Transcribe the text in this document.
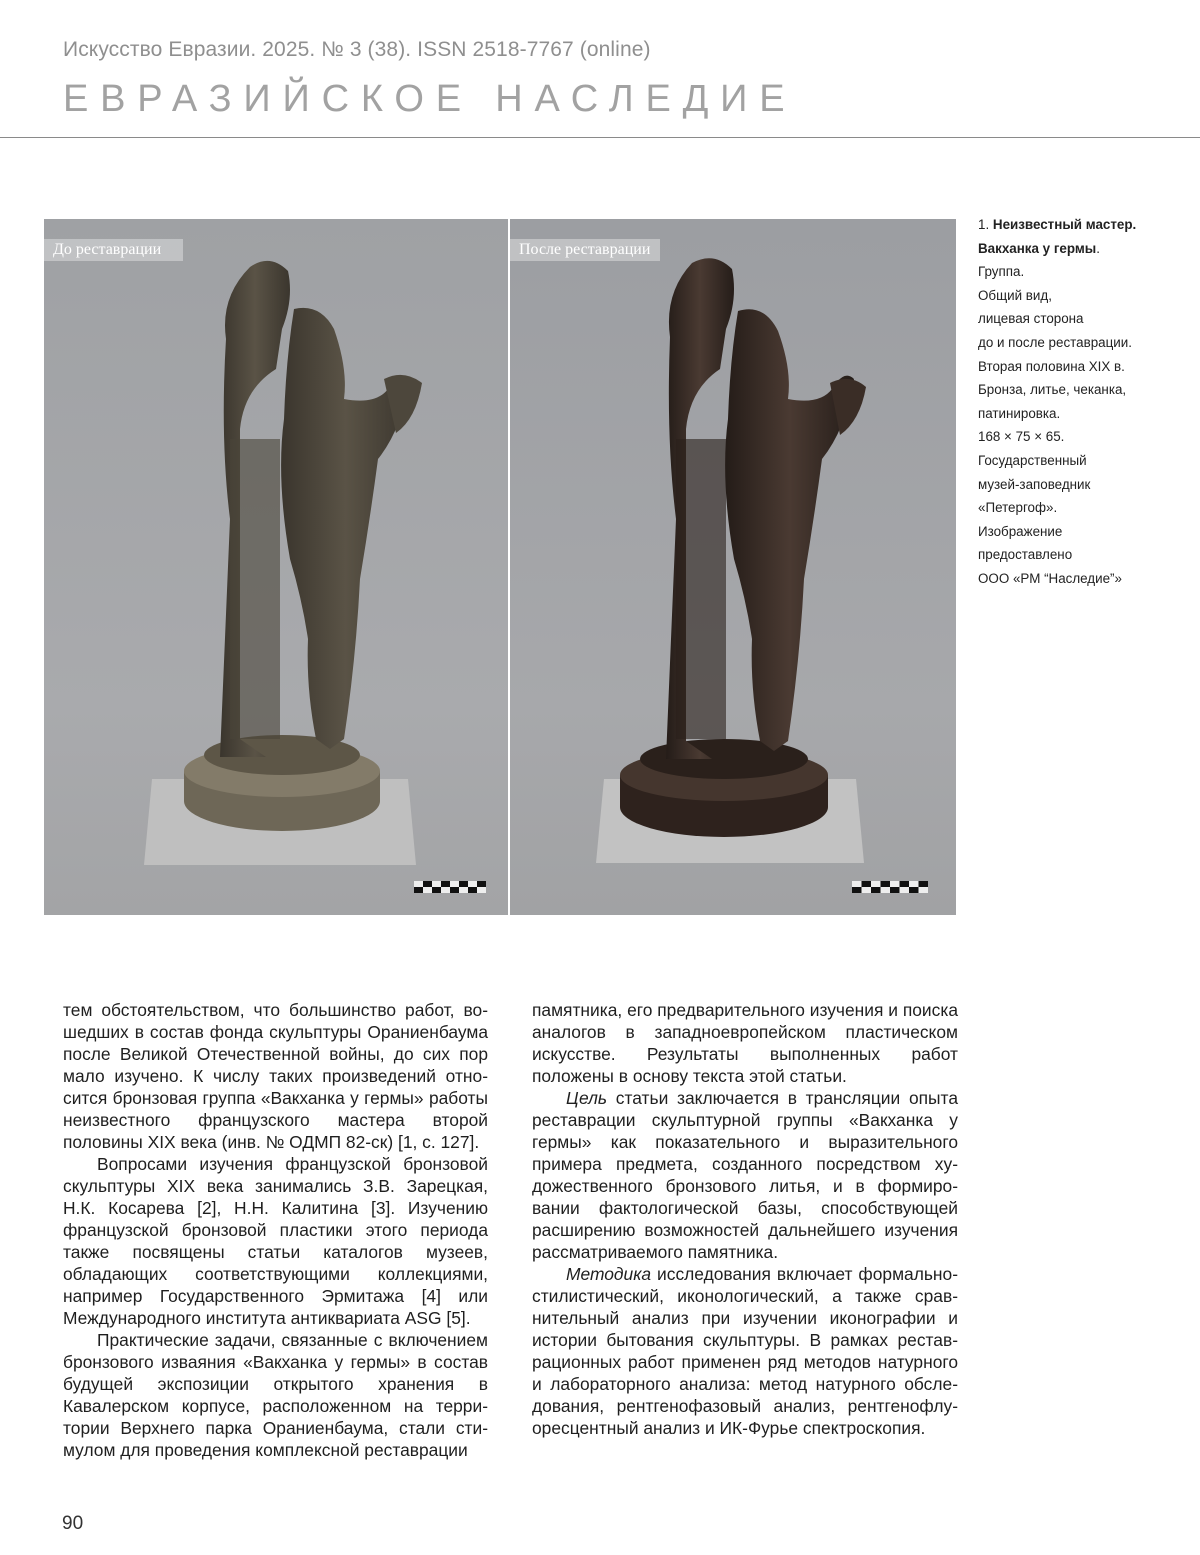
Искусство Евразии. 2025. № 3 (38). ISSN 2518-7767 (online)
ЕВРАЗИЙСКОЕ НАСЛЕДИЕ
До реставрации	После реставрации

1. Неизвестный мастер.

Вакханка у гермы.

Группа.

Общий вид,

лицевая сторона

до и после реставрации.

Вторая половина XIX в.

Бронза, литье, чеканка,

патинировка.

168 × 75 × 65.

Государственный

музей-заповедник

«Петергоф».

Изображение

предоставлено

ООО «РМ “Наследие”»

тем обстоятельством, что большинство работ, вошедших в состав фонда скульптуры Ораниенбаума после Великой Отечественной войны, до сих пор мало изучено. К числу таких произведений относится бронзовая группа «Вакханка у гермы» работы неизвестного французского мастера второй половины XIX века (инв. № ОДМП 82-ск) [1, с. 127].

Вопросами изучения французской бронзовой скульптуры XIX века занимались З.В. Зарецкая, Н.К. Косарева [2], Н.Н. Калитина [3]. Изучению французской бронзовой пластики этого периода также посвящены статьи каталогов музеев, обладающих соответствующими коллекциями, например Государственного Эрмитажа [4] или Международного института антиквариата ASG [5].

Практические задачи, связанные с включением бронзового изваяния «Вакханка у гермы» в состав будущей экспозиции открытого хранения в Кавалерском корпусе, расположенном на территории Верхнего парка Ораниенбаума, стали стимулом для проведения комплексной реставрации

памятника, его предварительного изучения и поиска аналогов в западноевропейском пластическом искусстве. Результаты выполненных работ положены в основу текста этой статьи.

Цель статьи заключается в трансляции опыта реставрации скульптурной группы «Вакханка у гермы» как показательного и выразительного примера предмета, созданного посредством художественного бронзового литья, и в формировании фактологической базы, способствующей расширению возможностей дальнейшего изучения рассматриваемого памятника.

Методика исследования включает формально-стилистический, иконологический, а также сравнительный анализ при изучении иконографии и истории бытования скульптуры. В рамках реставрационных работ применен ряд методов натурного и лабораторного анализа: метод натурного обследования, рентгенофазовый анализ, рентгенофлуоресцентный анализ и ИК-Фурье спектроскопия.

90
